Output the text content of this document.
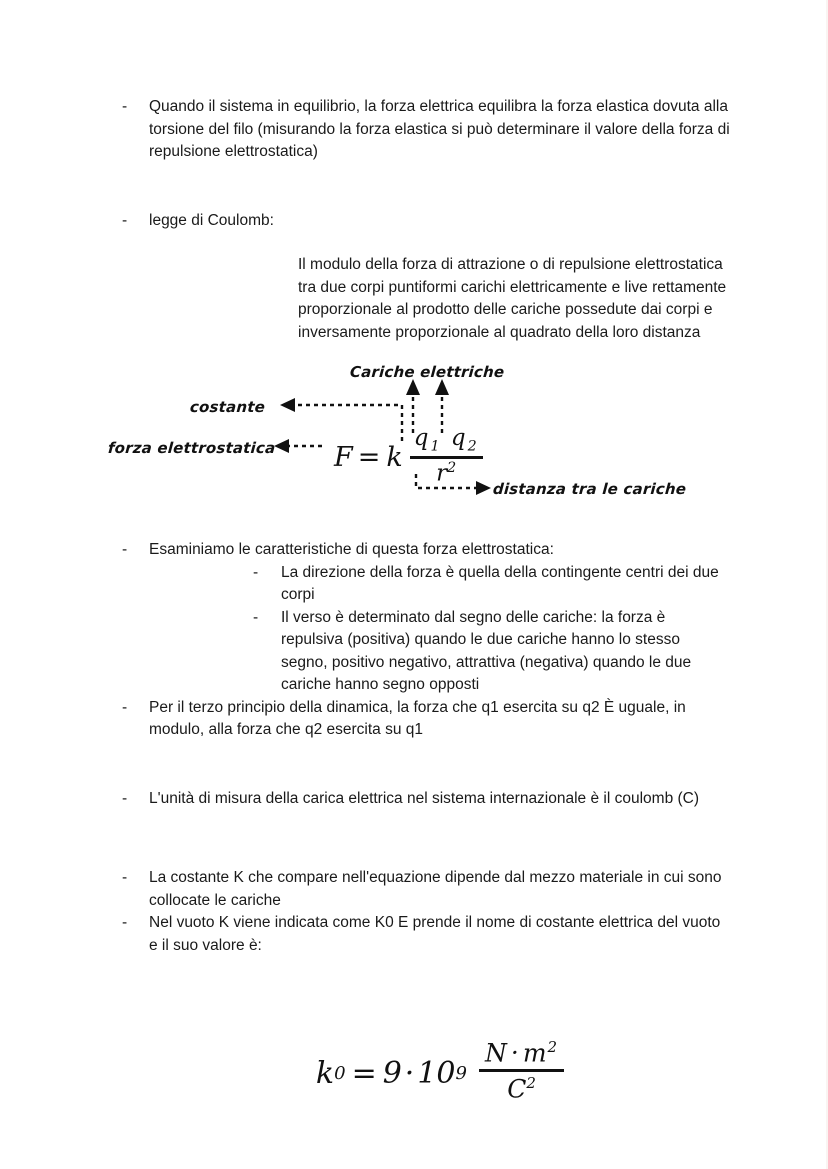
-	Quando il sistema in equilibrio, la forza elettrica equilibra la forza elastica dovuta alla torsione del filo (misurando la forza elastica si può determinare il valore della forza di repulsione elettrostatica)
-	legge di Coulomb:
Il modulo della forza di attrazione o di repulsione elettrostatica tra due corpi puntiformi carichi elettricamente e live rettamente proporzionale al prodotto delle cariche possedute dai corpi e inversamente proporzionale al quadrato della loro distanza
Cariche elettriche
costante
forza elettrostatica
distanza tra le cariche
F = k $\frac{q_1 q_2}{r^2}$
-	Esaminiamo le caratteristiche di questa forza elettrostatica:
-	La direzione della forza è quella della contingente centri dei due corpi
-	Il verso è determinato dal segno delle cariche: la forza è repulsiva (positiva) quando le due cariche hanno lo stesso segno, positivo negativo, attrattiva (negativa) quando le due cariche hanno segno opposti
-	Per il terzo principio della dinamica, la forza che q1 esercita su q2 È uguale, in modulo, alla forza che q2 esercita su q1
-	L'unità di misura della carica elettrica nel sistema internazionale è il coulomb (C)
-	La costante K che compare nell'equazione dipende dal mezzo materiale in cui sono collocate le cariche
-	Nel vuoto K viene indicata come K0 E prende il nome di costante elettrica del vuoto e il suo valore è:
k 0 = 9 · 10 $9 \frac{N \cdot m^2}{C^2}$
